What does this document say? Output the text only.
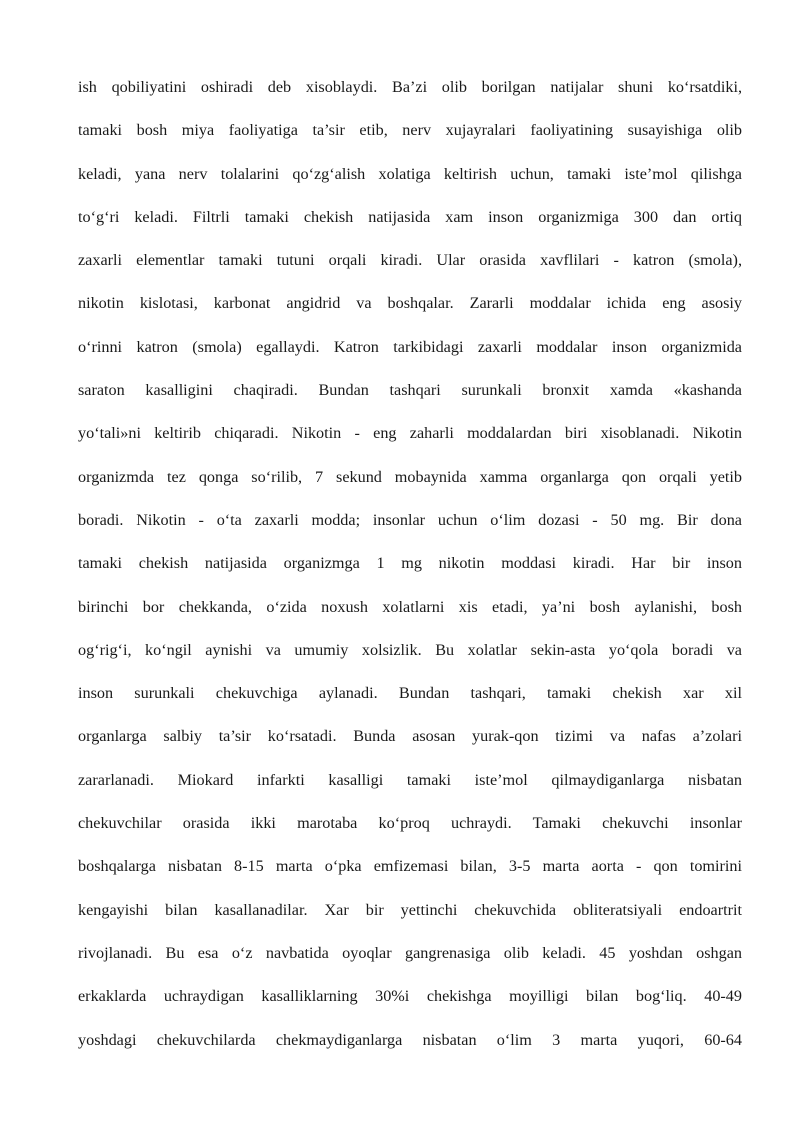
ish qobiliyatini oshiradi deb xisoblaydi. Ba’zi olib borilgan natijalar shuni ko‘rsatdiki,
tamaki bosh miya faoliyatiga ta’sir etib, nerv xujayralari faoliyatining susayishiga olib
keladi, yana nerv tolalarini qo‘zg‘alish xolatiga keltirish uchun, tamaki iste’mol qilishga
to‘g‘ri keladi. Filtrli tamaki chekish natijasida xam inson organizmiga 300 dan ortiq
zaxarli elementlar tamaki tutuni orqali kiradi. Ular orasida xavflilari - katron (smola),
nikotin kislotasi, karbonat angidrid va boshqalar. Zararli moddalar ichida eng asosiy
o‘rinni katron (smola) egallaydi. Katron tarkibidagi zaxarli moddalar inson organizmida
saraton kasalligini chaqiradi. Bundan tashqari surunkali bronxit xamda «kashanda
yo‘tali»ni keltirib chiqaradi. Nikotin - eng zaharli moddalardan biri xisoblanadi. Nikotin
organizmda tez qonga so‘rilib, 7 sekund mobaynida xamma organlarga qon orqali yetib
boradi. Nikotin - o‘ta zaxarli modda; insonlar uchun o‘lim dozasi - 50 mg. Bir dona
tamaki chekish natijasida organizmga 1 mg nikotin moddasi kiradi. Har bir inson
birinchi bor chekkanda, o‘zida noxush xolatlarni xis etadi, ya’ni bosh aylanishi, bosh
og‘rig‘i, ko‘ngil aynishi va umumiy xolsizlik. Bu xolatlar sekin-asta yo‘qola boradi va
inson surunkali chekuvchiga aylanadi. Bundan tashqari, tamaki chekish xar xil
organlarga salbiy ta’sir ko‘rsatadi. Bunda asosan yurak-qon tizimi va nafas a’zolari
zararlanadi. Miokard infarkti kasalligi tamaki iste’mol qilmaydiganlarga nisbatan
chekuvchilar orasida ikki marotaba ko‘proq uchraydi. Tamaki chekuvchi insonlar
boshqalarga nisbatan 8-15 marta o‘pka emfizemasi bilan, 3-5 marta aorta - qon tomirini
kengayishi bilan kasallanadilar. Xar bir yettinchi chekuvchida obliteratsiyali endoartrit
rivojlanadi. Bu esa o‘z navbatida oyoqlar gangrenasiga olib keladi. 45 yoshdan oshgan
erkaklarda uchraydigan kasalliklarning 30%i chekishga moyilligi bilan bog‘liq. 40-49
yoshdagi chekuvchilarda chekmaydiganlarga nisbatan o‘lim 3 marta yuqori, 60-64
